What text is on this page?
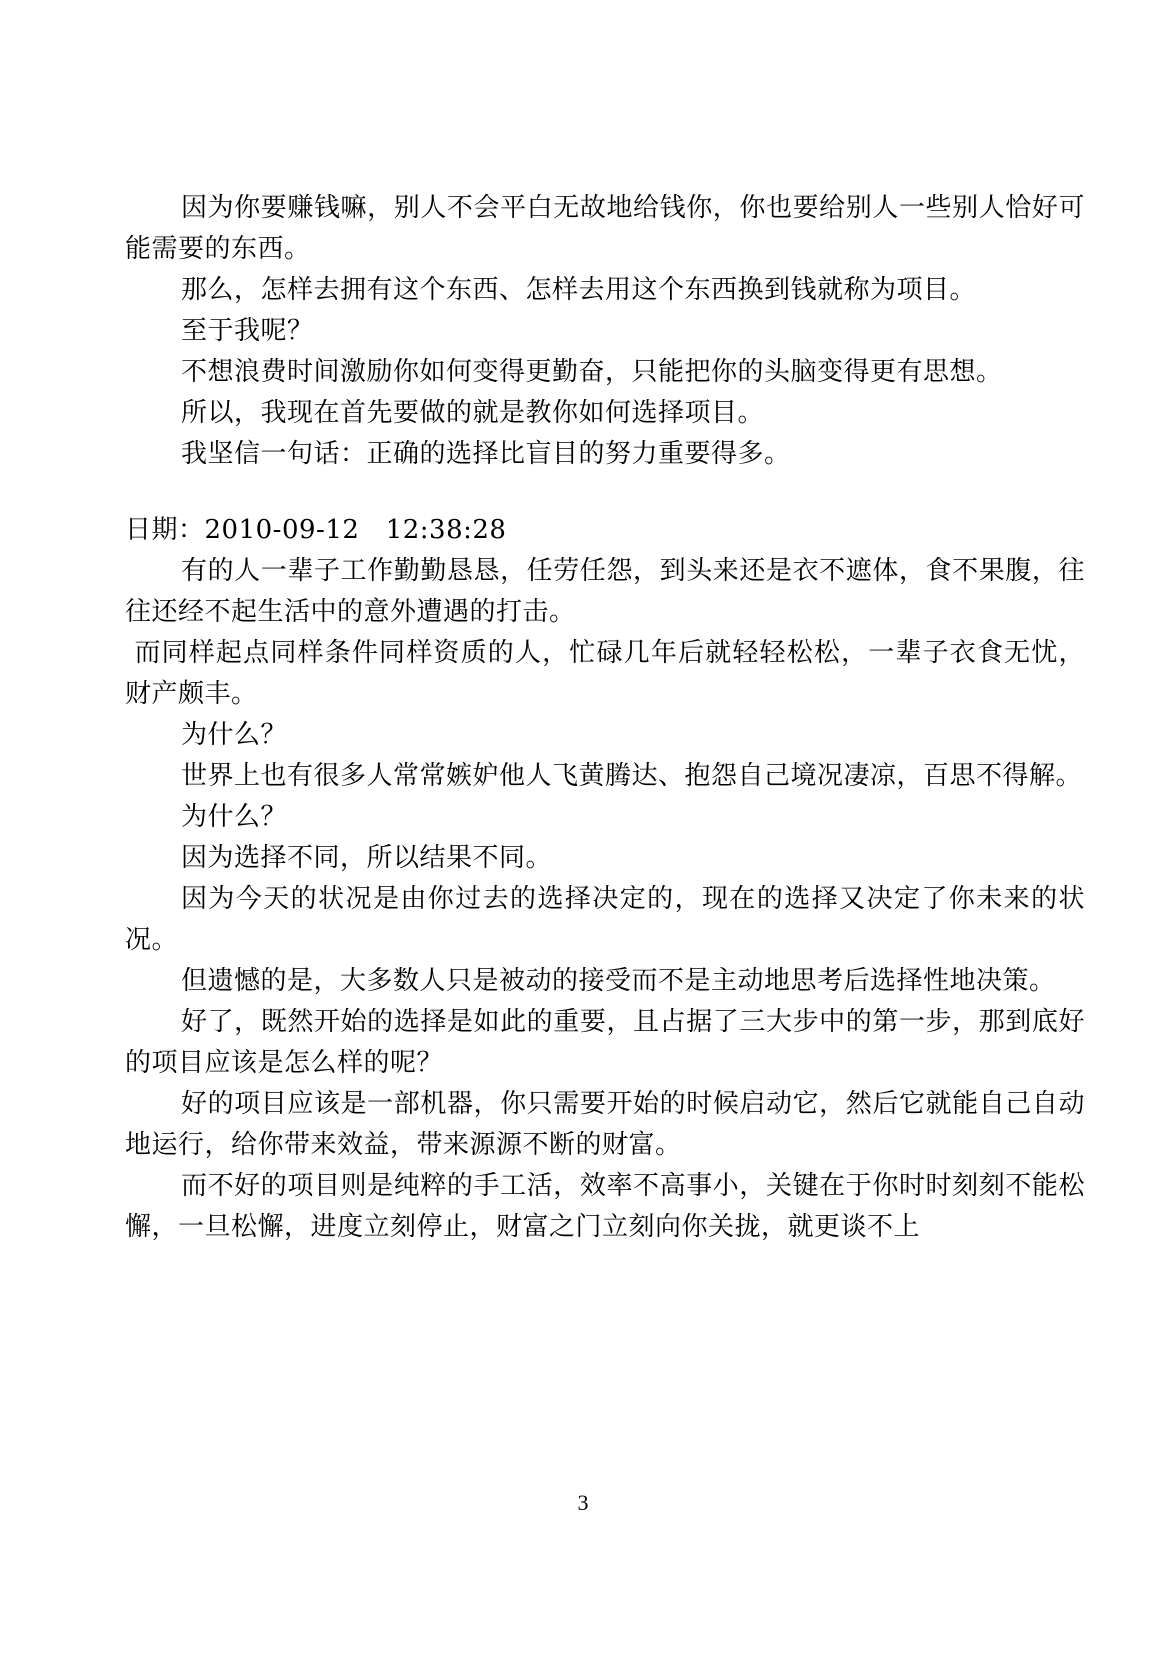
因为你要赚钱嘛，别人不会平白无故地给钱你，你也要给别人一些别人恰好可能需要的东西。

那么，怎样去拥有这个东西、怎样去用这个东西换到钱就称为项目。

至于我呢？

不想浪费时间激励你如何变得更勤奋，只能把你的头脑变得更有思想。

所以，我现在首先要做的就是教你如何选择项目。

我坚信一句话：正确的选择比盲目的努力重要得多。

日期：2010-09-12   12:38:28

有的人一辈子工作勤勤恳恳，任劳任怨，到头来还是衣不遮体，食不果腹，往往还经不起生活中的意外遭遇的打击。

而同样起点同样条件同样资质的人，忙碌几年后就轻轻松松，一辈子衣食无忧，财产颇丰。

为什么？

世界上也有很多人常常嫉妒他人飞黄腾达、抱怨自己境况凄凉，百思不得解。

为什么？

因为选择不同，所以结果不同。

因为今天的状况是由你过去的选择决定的，现在的选择又决定了你未来的状况。

但遗憾的是，大多数人只是被动的接受而不是主动地思考后选择性地决策。

好了，既然开始的选择是如此的重要，且占据了三大步中的第一步，那到底好的项目应该是怎么样的呢？

好的项目应该是一部机器，你只需要开始的时候启动它，然后它就能自己自动地运行，给你带来效益，带来源源不断的财富。

而不好的项目则是纯粹的手工活，效率不高事小，关键在于你时时刻刻不能松懈，一旦松懈，进度立刻停止，财富之门立刻向你关拢，就更谈不上

3
